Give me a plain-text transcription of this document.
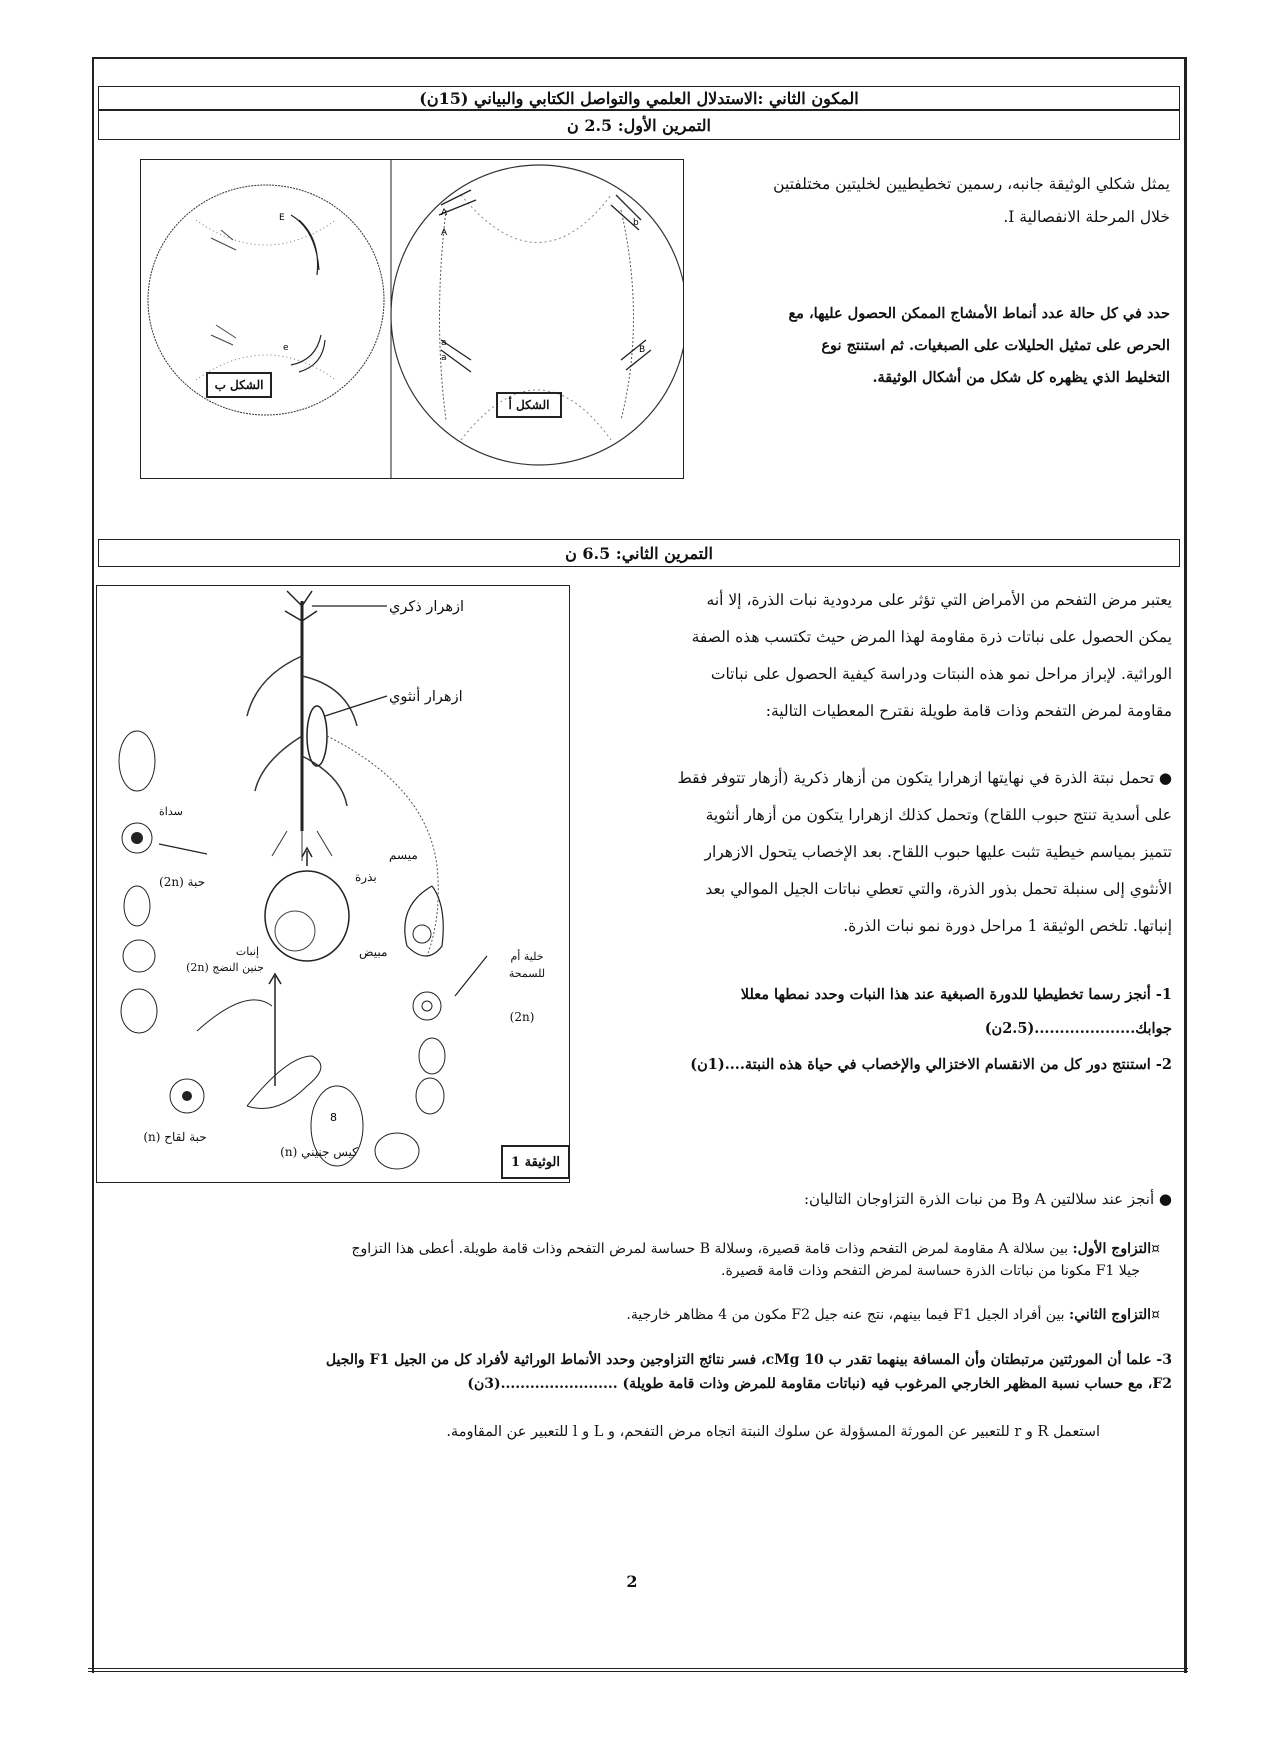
المكون الثاني :الاستدلال العلمي والتواصل الكتابي والبياني (15ن)
التمرين الأول: 2.5 ن
يمثل شكلي الوثيقة جانبه، رسمين تخطيطيين لخليتين مختلفتين
خلال المرحلة الانفصالية I.
حدد في كل حالة عدد أنماط الأمشاج الممكن الحصول عليها، مع
الحرص على تمثيل الحليلات على الصبغيات. ثم استنتج نوع
التخليط الذي يظهره كل شكل من أشكال الوثيقة.
E
e
A
A
a
a
b
B
الشكل ب
الشكل أ
التمرين الثاني: 6.5 ن
يعتبر مرض التفحم من الأمراض التي تؤثر على مردودية نبات الذرة، إلا أنه
يمكن الحصول على نباتات ذرة مقاومة لهذا المرض حيث تكتسب هذه الصفة
الوراثية. لإبراز مراحل نمو هذه النبتات ودراسة كيفية الحصول على نباتات
مقاومة لمرض التفحم وذات قامة طويلة نقترح المعطيات التالية:
● تحمل نبتة الذرة في نهايتها ازهرارا يتكون من أزهار ذكرية (أزهار تتوفر فقط
على أسدية تنتج حبوب اللقاح) وتحمل كذلك ازهرارا يتكون من أزهار أنثوية
تتميز بمياسم خيطية تثبت عليها حبوب اللقاح. بعد الإخصاب يتحول الازهرار
الأنثوي إلى سنبلة تحمل بذور الذرة، والتي تعطي نباتات الجيل الموالي بعد
إنباتها. تلخص الوثيقة 1 مراحل دورة نمو نبات الذرة.
1- أنجز رسما تخطيطيا للدورة الصبغية عند هذا النبات وحدد نمطها معللا
جوابك....................(2.5ن)
2- استنتج دور كل من الانقسام الاختزالي والإخصاب في حياة هذه النبتة....(1ن)
8
ازهرار ذكري
ازهرار أنثوي
سداة
حبة (2n)
ميسم
بذرة
مبيض	خلية أم للسمحة
(2n)
إنبات
جنين النضج (2n)
حبة لقاح (n)
كيس جنيني (n)
الوثيقة 1
● أنجز عند سلالتين A وB من نبات الذرة التزاوجان التاليان:
¤التزاوج الأول: بين سلالة A مقاومة لمرض التفحم وذات قامة قصيرة، وسلالة B حساسة لمرض التفحم وذات قامة طويلة. أعطى هذا التزاوج
جيلا F1 مكونا من نباتات الذرة حساسة لمرض التفحم وذات قامة قصيرة.
¤التزاوج الثاني: بين أفراد الجيل F1 فيما بينهم، نتج عنه جيل F2 مكون من 4 مظاهر خارجية.
3- علما أن المورثتين مرتبطتان وأن المسافة بينهما تقدر ب 10 cMg، فسر نتائج التزاوجين وحدد الأنماط الوراثية لأفراد كل من الجيل F1 والجيل
F2، مع حساب نسبة المظهر الخارجي المرغوب فيه (نباتات مقاومة للمرض وذات قامة طويلة) ........................(3ن)
استعمل R و r للتعبير عن المورثة المسؤولة عن سلوك النبتة اتجاه مرض التفحم، و L و l للتعبير عن المقاومة.
2
